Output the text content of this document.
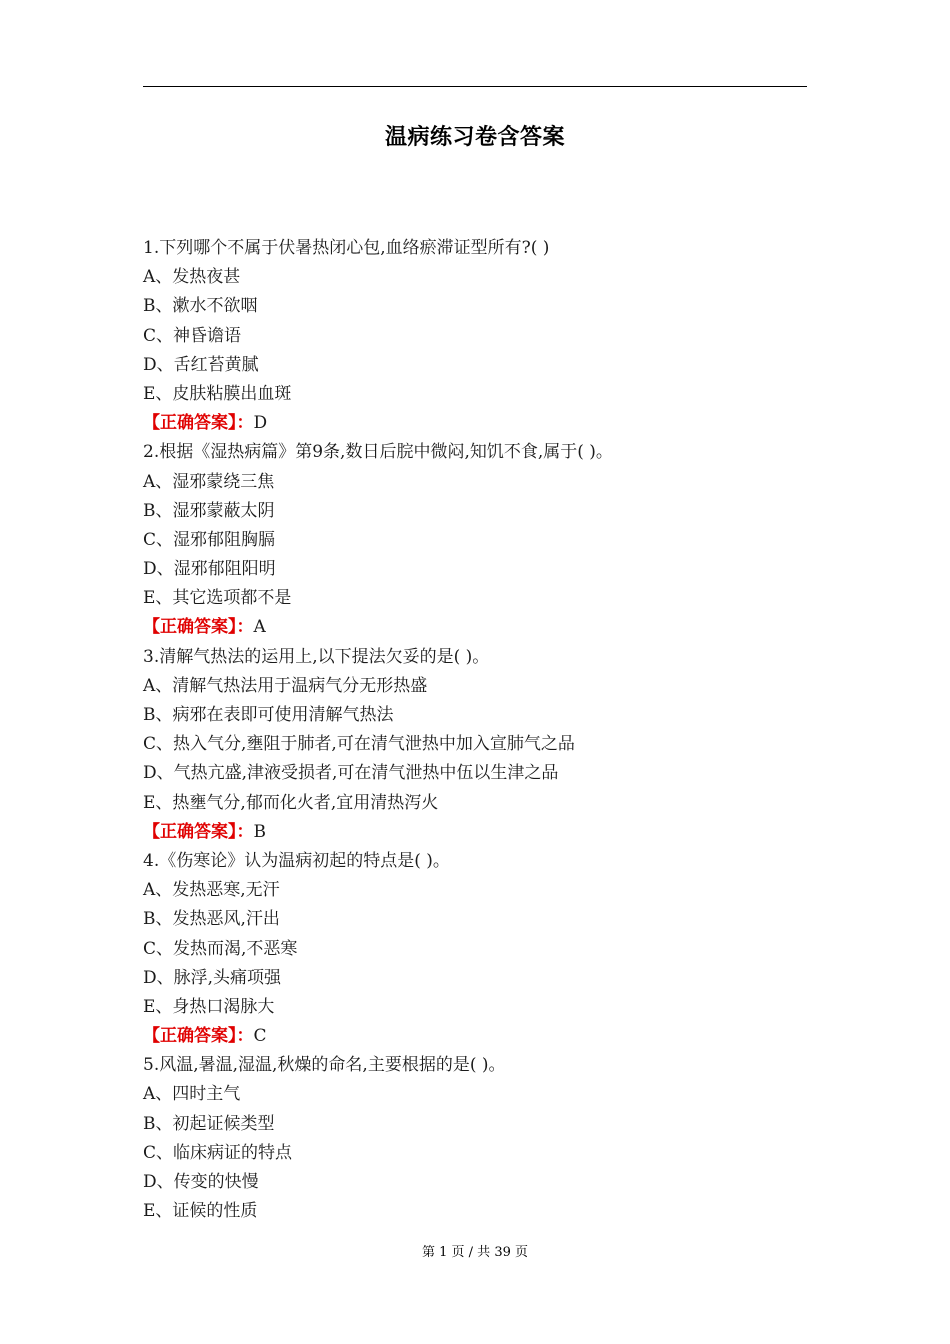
温病练习卷含答案
1.下列哪个不属于伏暑热闭心包,血络瘀滞证型所有?( )
A、发热夜甚
B、漱水不欲咽
C、神昏谵语
D、舌红苔黄腻
E、皮肤粘膜出血斑
【正确答案】：D
2.根据《湿热病篇》第9条,数日后脘中微闷,知饥不食,属于( )。
A、湿邪蒙绕三焦
B、湿邪蒙蔽太阴
C、湿邪郁阻胸膈
D、湿邪郁阻阳明
E、其它选项都不是
【正确答案】：A
3.清解气热法的运用上,以下提法欠妥的是( )。
A、清解气热法用于温病气分无形热盛
B、病邪在表即可使用清解气热法
C、热入气分,壅阻于肺者,可在清气泄热中加入宣肺气之品
D、气热亢盛,津液受损者,可在清气泄热中伍以生津之品
E、热壅气分,郁而化火者,宜用清热泻火
【正确答案】：B
4.《伤寒论》认为温病初起的特点是( )。
A、发热恶寒,无汗
B、发热恶风,汗出
C、发热而渴,不恶寒
D、脉浮,头痛项强
E、身热口渴脉大
【正确答案】：C
5.风温,暑温,湿温,秋燥的命名,主要根据的是( )。
A、四时主气
B、初起证候类型
C、临床病证的特点
D、传变的快慢
E、证候的性质
第 1 页 / 共 39 页
